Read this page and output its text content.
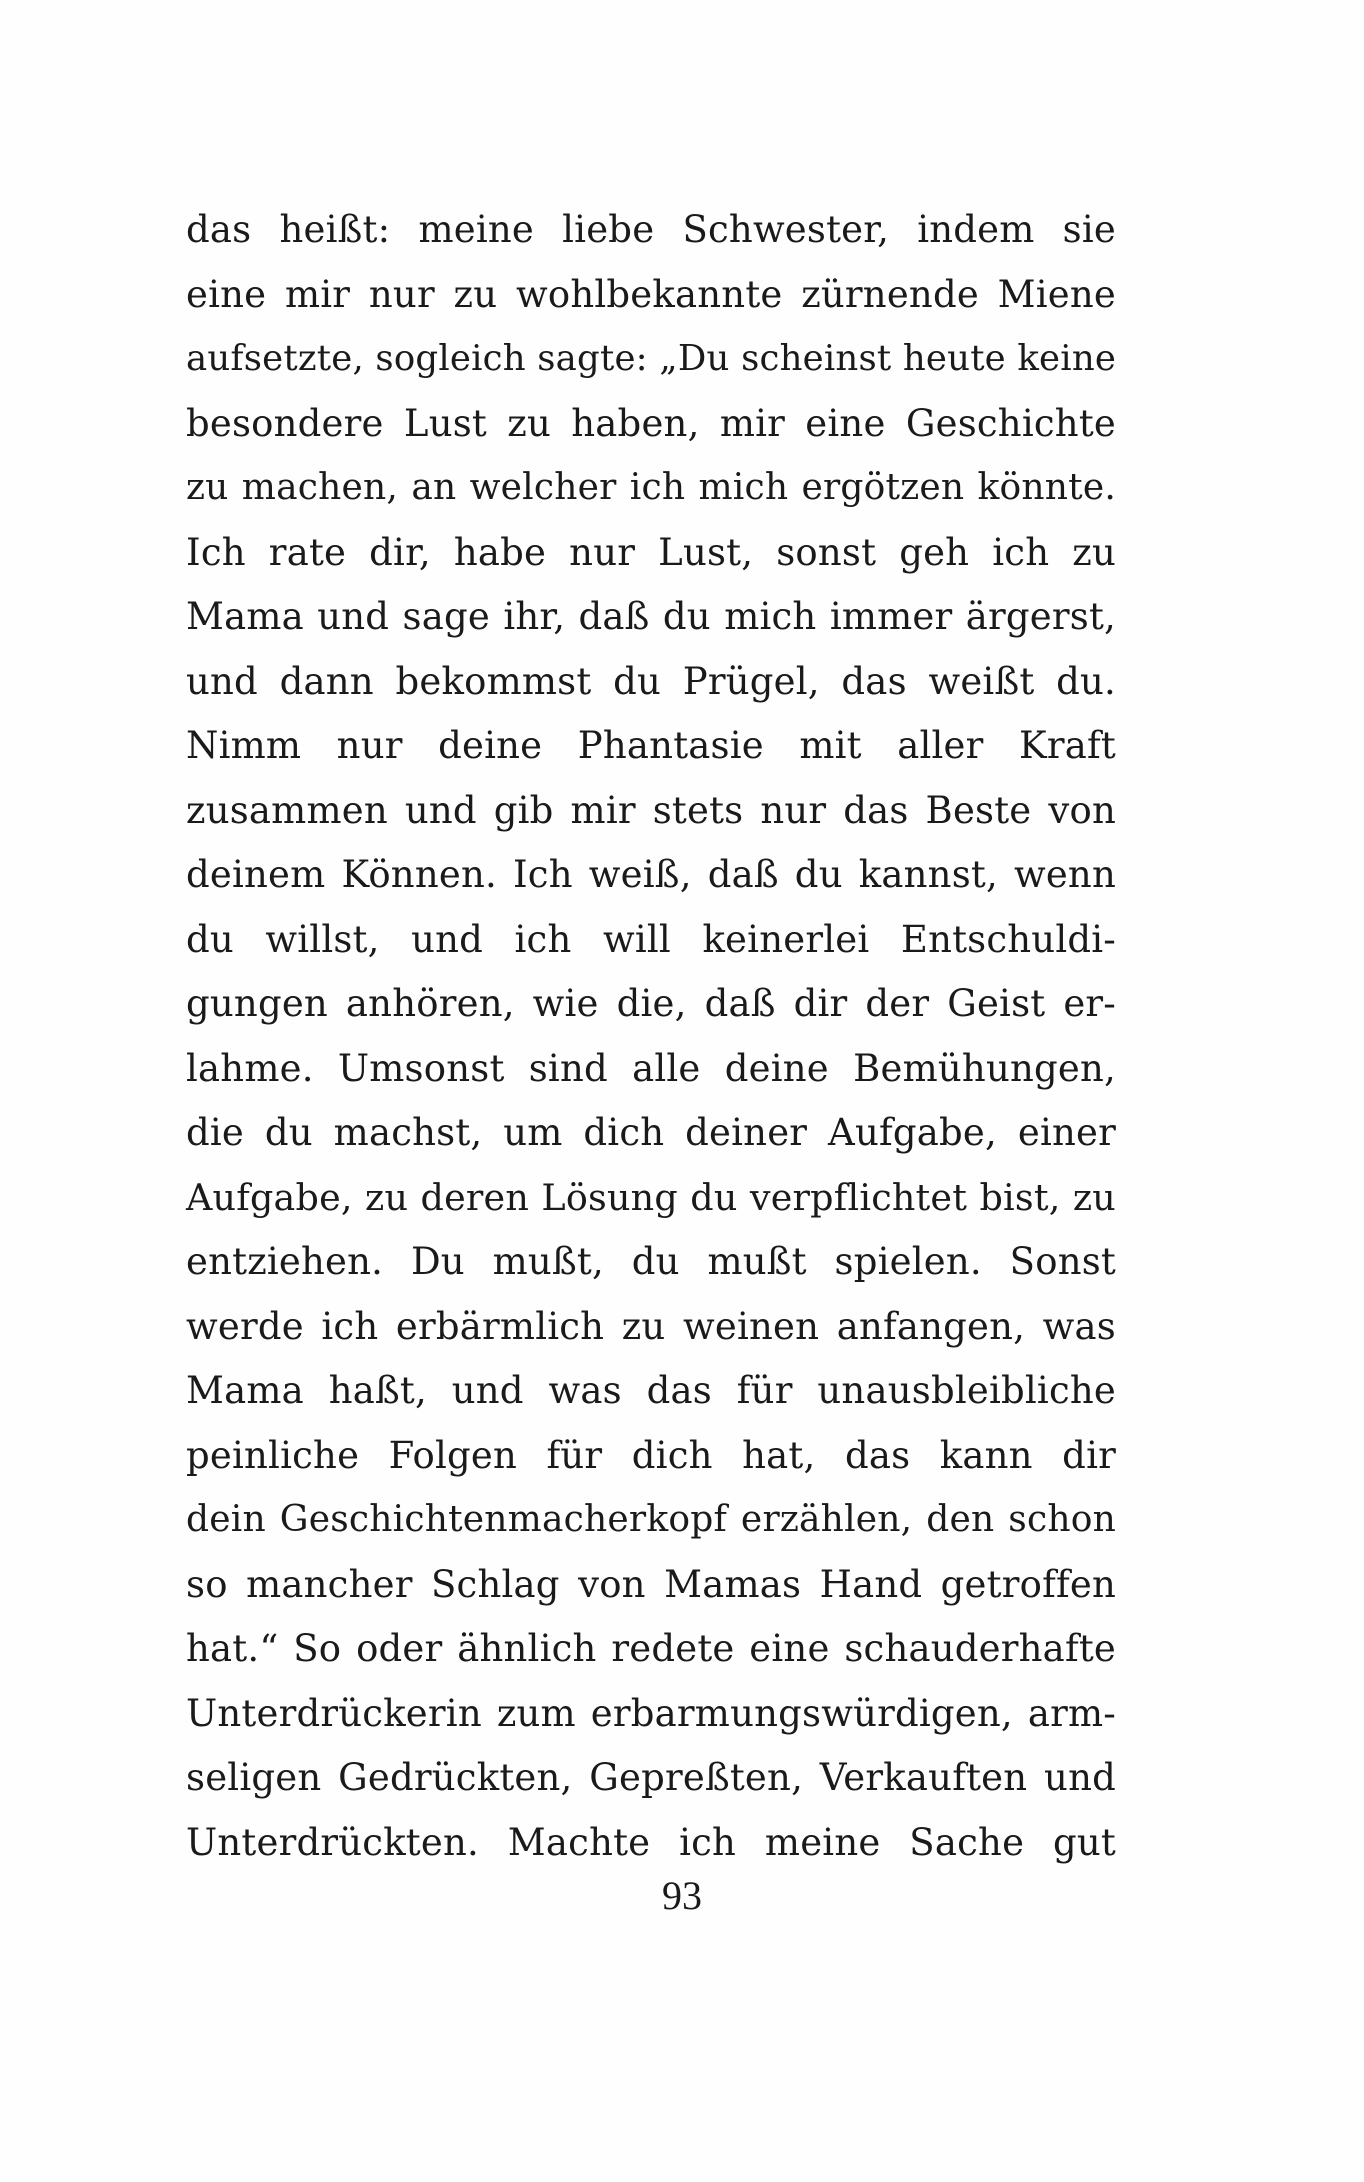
das heißt: meine liebe Schwester, indem sie
eine mir nur zu wohlbekannte zürnende Miene
aufsetzte, sogleich sagte: „Du scheinst heute keine
besondere Lust zu haben, mir eine Geschichte
zu machen, an welcher ich mich ergötzen könnte.
Ich rate dir, habe nur Lust, sonst geh ich zu
Mama und sage ihr, daß du mich immer ärgerst,
und dann bekommst du Prügel, das weißt du.
Nimm nur deine Phantasie mit aller Kraft
zusammen und gib mir stets nur das Beste von
deinem Können. Ich weiß, daß du kannst, wenn
du willst, und ich will keinerlei Entschuldi-
gungen anhören, wie die, daß dir der Geist er-
lahme. Umsonst sind alle deine Bemühungen,
die du machst, um dich deiner Aufgabe, einer
Aufgabe, zu deren Lösung du verpflichtet bist, zu
entziehen. Du mußt, du mußt spielen. Sonst
werde ich erbärmlich zu weinen anfangen, was
Mama haßt, und was das für unausbleibliche
peinliche Folgen für dich hat, das kann dir
dein Geschichtenmacherkopf erzählen, den schon
so mancher Schlag von Mamas Hand getroffen
hat.“ So oder ähnlich redete eine schauderhafte
Unterdrückerin zum erbarmungswürdigen, arm-
seligen Gedrückten, Gepreßten, Verkauften und
Unterdrückten. Machte ich meine Sache gut
93
